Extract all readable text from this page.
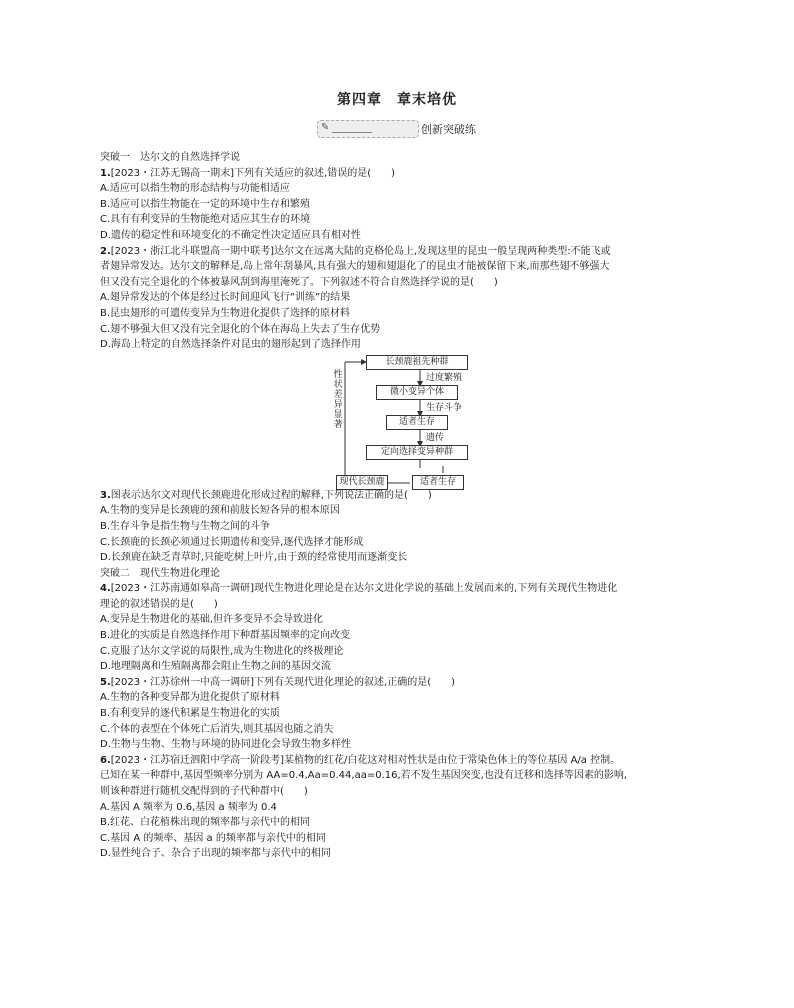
第四章　章末培优
✎	创新突破练
突破一　达尔文的自然选择学说
1.[2023・江苏无锡高一期末]下列有关适应的叙述,错误的是(　　)
A.适应可以指生物的形态结构与功能相适应
B.适应可以指生物能在一定的环境中生存和繁殖
C.具有有利变异的生物能绝对适应其生存的环境
D.遗传的稳定性和环境变化的不确定性决定适应具有相对性
2.[2023・浙江北斗联盟高一期中联考]达尔文在远离大陆的克格伦岛上,发现这里的昆虫一般呈现两种类型:不能飞或
者翅异常发达。达尔文的解释是,岛上常年刮暴风,具有强大的翅和翅退化了的昆虫才能被保留下来,而那些翅不够强大
但又没有完全退化的个体被暴风刮到海里淹死了。下列叙述不符合自然选择学说的是(　　)
A.翅异常发达的个体是经过长时间迎风飞行“训练”的结果
B.昆虫翅形的可遗传变异为生物进化提供了选择的原材料
C.翅不够强大但又没有完全退化的个体在海岛上失去了生存优势
D.海岛上特定的自然选择条件对昆虫的翅形起到了选择作用
性状差异显著
长颈鹿祖先种群
过度繁殖
微小变异个体
生存斗争
适者生存
遗传
定向选择变异种群
现代长颈鹿	适者生存
3.图表示达尔文对现代长颈鹿进化形成过程的解释,下列说法正确的是(　　)
A.生物的变异是长颈鹿的颈和前肢长短各异的根本原因
B.生存斗争是指生物与生物之间的斗争
C.长颈鹿的长颈必须通过长期遗传和变异,逐代选择才能形成
D.长颈鹿在缺乏青草时,只能吃树上叶片,由于颈的经常使用而逐渐变长
突破二　现代生物进化理论
4.[2023・江苏南通如皋高一调研]现代生物进化理论是在达尔文进化学说的基础上发展而来的,下列有关现代生物进化
理论的叙述错误的是(　　)
A.变异是生物进化的基础,但许多变异不会导致进化
B.进化的实质是自然选择作用下种群基因频率的定向改变
C.克服了达尔文学说的局限性,成为生物进化的终极理论
D.地理隔离和生殖隔离都会阻止生物之间的基因交流
5.[2023・江苏徐州一中高一调研]下列有关现代进化理论的叙述,正确的是(　　)
A.生物的各种变异都为进化提供了原材料
B.有利变异的逐代积累是生物进化的实质
C.个体的表型在个体死亡后消失,则其基因也随之消失
D.生物与生物、生物与环境的协同进化会导致生物多样性
6.[2023・江苏宿迁泗阳中学高一阶段考]某植物的红花/白花这对相对性状是由位于常染色体上的等位基因 A/a 控制。
已知在某一种群中,基因型频率分别为 AA=0.4,Aa=0.44,aa=0.16,若不发生基因突变,也没有迁移和选择等因素的影响,
则该种群进行随机交配得到的子代种群中(　　)
A.基因 A 频率为 0.6,基因 a 频率为 0.4
B.红花、白花植株出现的频率都与亲代中的相同
C.基因 A 的频率、基因 a 的频率都与亲代中的相同
D.显性纯合子、杂合子出现的频率都与亲代中的相同
